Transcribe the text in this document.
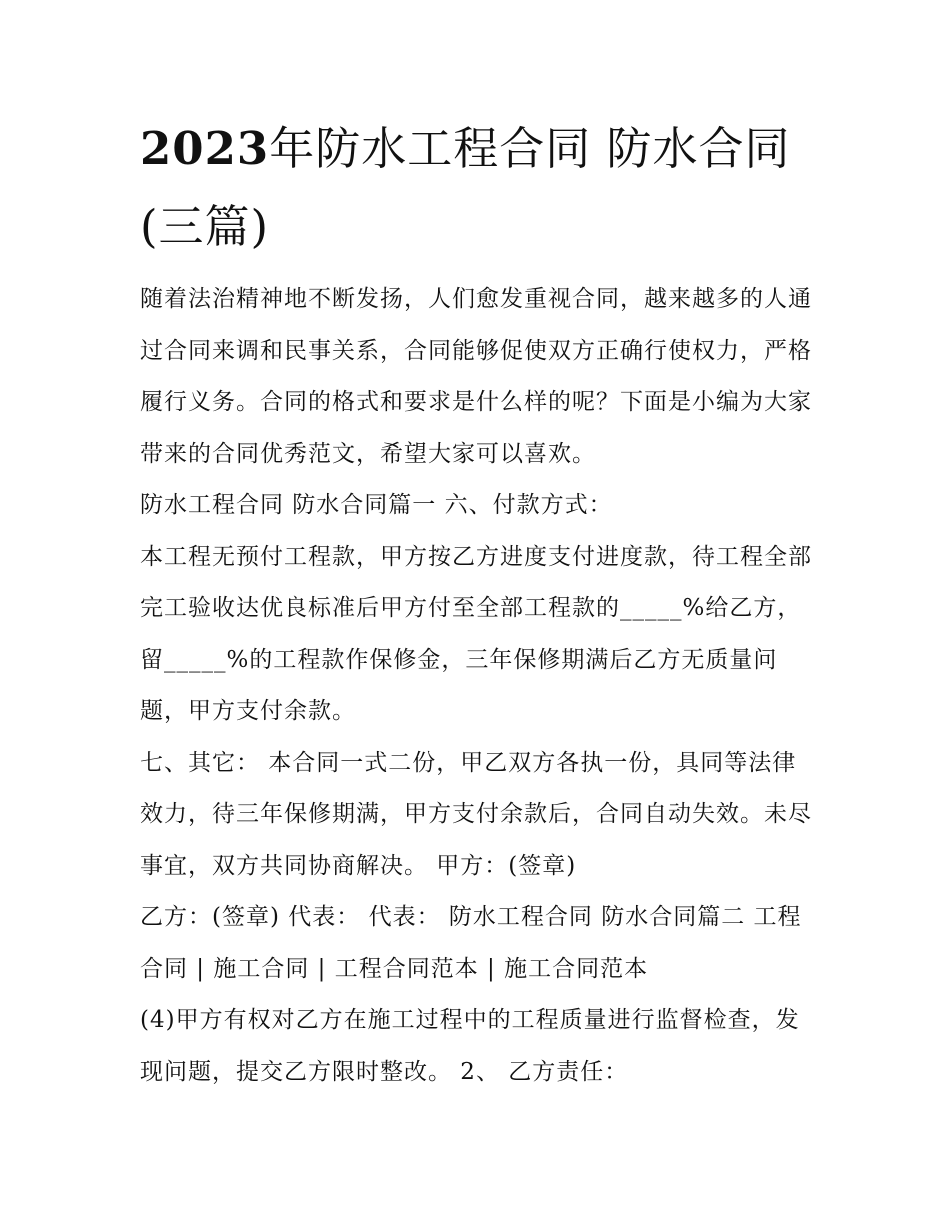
2023年防水工程合同 防水合同(三篇)

随着法治精神地不断发扬，人们愈发重视合同，越来越多的人通过合同来调和民事关系，合同能够促使双方正确行使权力，严格履行义务。合同的格式和要求是什么样的呢？下面是小编为大家带来的合同优秀范文，希望大家可以喜欢。

防水工程合同 防水合同篇一 六、付款方式：

本工程无预付工程款，甲方按乙方进度支付进度款，待工程全部完工验收达优良标准后甲方付至全部工程款的_____%给乙方，留_____%的工程款作保修金，三年保修期满后乙方无质量问题，甲方支付余款。

七、其它： 本合同一式二份，甲乙双方各执一份，具同等法律效力，待三年保修期满，甲方支付余款后，合同自动失效。未尽事宜，双方共同协商解决。 甲方：(签章)

乙方：(签章) 代表： 代表： 防水工程合同 防水合同篇二 工程合同 | 施工合同 | 工程合同范本 | 施工合同范本

(4)甲方有权对乙方在施工过程中的工程质量进行监督检查，发现问题，提交乙方限时整改。 2、 乙方责任：
